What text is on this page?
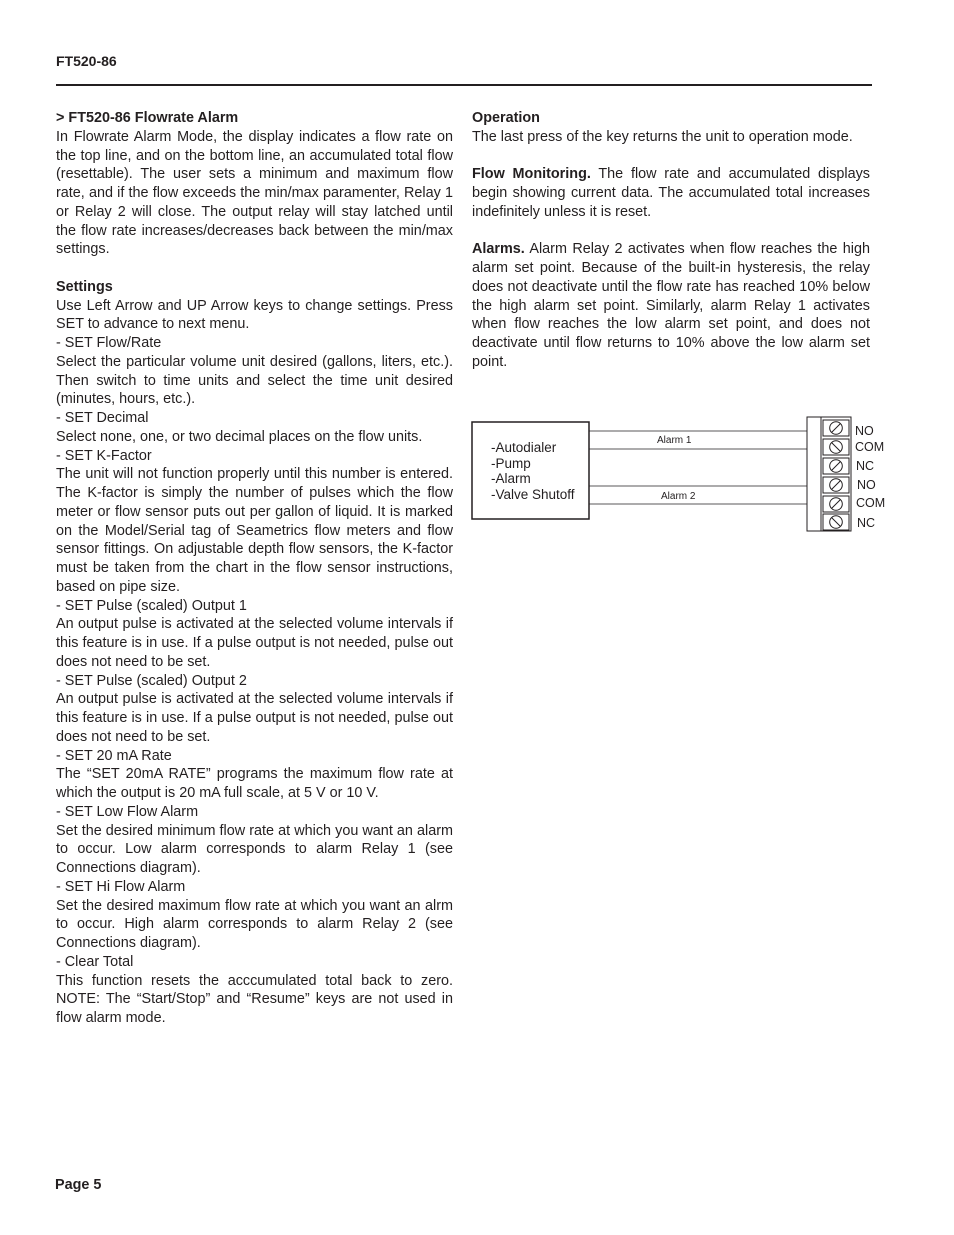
FT520-86

> FT520-86 Flowrate Alarm

In Flowrate Alarm Mode, the display indicates a flow rate on the top line, and on the bottom line, an accumulated total flow (resettable). The user sets a minimum and maximum flow rate, and if the flow exceeds the min/max paramenter, Relay 1 or Relay 2 will close. The output relay will stay latched until the flow rate increases/decreases back between the min/max settings.

Settings

Use Left Arrow and UP Arrow keys to change settings. Press SET to advance to next menu.

- SET Flow/Rate

Select the particular volume unit desired (gallons, liters, etc.). Then switch to time units and select the time unit desired (minutes, hours, etc.).

- SET Decimal

Select none, one, or two decimal places on the flow units.

- SET K-Factor

The unit will not function properly until this number is entered. The K-factor is simply the number of pulses which the flow meter or flow sensor puts out per gallon of liquid. It is marked on the Model/Serial tag of Seametrics flow meters and flow sensor fittings. On adjustable depth flow sensors, the K-factor must be taken from the chart in the flow sensor instructions, based on pipe size.

- SET Pulse (scaled) Output 1

An output pulse is activated at the selected volume intervals if this feature is in use. If a pulse output is not needed, pulse out does not need to be set.

- SET Pulse (scaled) Output 2

An output pulse is activated at the selected volume intervals if this feature is in use. If a pulse output is not needed, pulse out does not need to be set.

- SET 20 mA Rate

The “SET 20mA RATE” programs the maximum flow rate at which the output is 20 mA full scale, at 5 V or 10 V.

- SET Low Flow Alarm

Set the desired minimum flow rate at which you want an alarm to occur. Low alarm corresponds to alarm Relay 1 (see Connections diagram).

- SET Hi Flow Alarm

Set the desired maximum flow rate at which you want an alrm to occur. High alarm corresponds to alarm Relay 2 (see Connections diagram).

- Clear Total

This function resets the acccumulated total back to zero. NOTE: The “Start/Stop” and “Resume” keys are not used in flow alarm mode.

Operation

The last press of the key returns the unit to operation mode.

Flow Monitoring. The flow rate and accumulated displays begin showing current data. The accumulated total increases indefinitely unless it is reset.

Alarms. Alarm Relay 2 activates when flow reaches the high alarm set point. Because of the built-in hysteresis, the relay does not deactivate until the flow rate has reached 10% below the high alarm set point. Similarly, alarm Relay 1 activates when flow reaches the low alarm set point, and does not deactivate until flow returns to 10% above the low alarm set point.

-Autodialer
-Pump
-Alarm
-Valve Shutoff
Alarm 1
Alarm 2
NO
COM
NC
NO
COM
NC
Page 5
